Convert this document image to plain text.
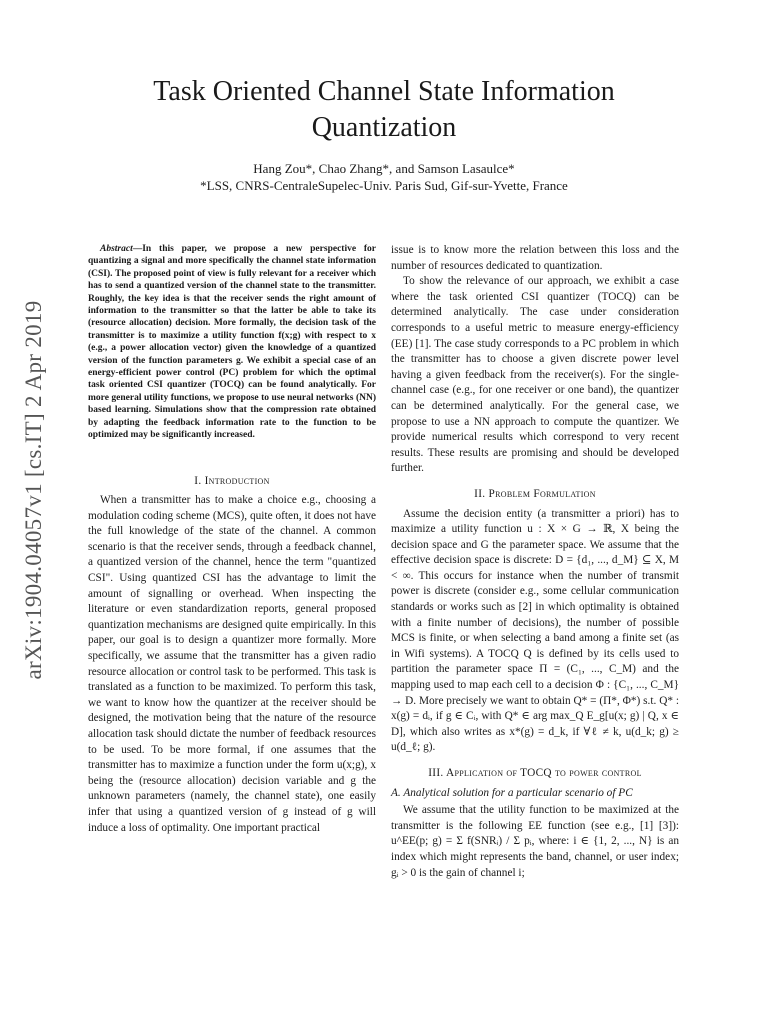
arXiv:1904.04057v1 [cs.IT] 2 Apr 2019
Task Oriented Channel State Information Quantization
Hang Zou*, Chao Zhang*, and Samson Lasaulce*
*LSS, CNRS-CentraleSupelec-Univ. Paris Sud, Gif-sur-Yvette, France

Abstract—In this paper, we propose a new perspective for quantizing a signal and more specifically the channel state information (CSI). The proposed point of view is fully relevant for a receiver which has to send a quantized version of the channel state to the transmitter. Roughly, the key idea is that the receiver sends the right amount of information to the transmitter so that the latter be able to take its (resource allocation) decision. More formally, the decision task of the transmitter is to maximize a utility function f(x;g) with respect to x (e.g., a power allocation vector) given the knowledge of a quantized version of the function parameters g. We exhibit a special case of an energy-efficient power control (PC) problem for which the optimal task oriented CSI quantizer (TOCQ) can be found analytically. For more general utility functions, we propose to use neural networks (NN) based learning. Simulations show that the compression rate obtained by adapting the feedback information rate to the function to be optimized may be significantly increased.

I. Introduction

When a transmitter has to make a choice e.g., choosing a modulation coding scheme (MCS), quite often, it does not have the full knowledge of the state of the channel. A common scenario is that the receiver sends, through a feedback channel, a quantized version of the channel, hence the term "quantized CSI". Using quantized CSI has the advantage to limit the amount of signalling or overhead. When inspecting the literature or even standardization reports, general proposed quantization mechanisms are designed quite empirically. In this paper, our goal is to design a quantizer more formally. More specifically, we assume that the transmitter has a given radio resource allocation or control task to be performed. This task is translated as a function to be maximized. To perform this task, we want to know how the quantizer at the receiver should be designed, the motivation being that the nature of the resource allocation task should dictate the number of feedback resources to be used. To be more formal, if one assumes that the transmitter has to maximize a function under the form u(x;g), x being the (resource allocation) decision variable and g the unknown parameters (namely, the channel state), one easily infer that using a quantized version of g instead of g will induce a loss of optimality. One important practical

issue is to know more the relation between this loss and the number of resources dedicated to quantization.

To show the relevance of our approach, we exhibit a case where the task oriented CSI quantizer (TOCQ) can be determined analytically. The case under consideration corresponds to a useful metric to measure energy-efficiency (EE) [1]. The case study corresponds to a PC problem in which the transmitter has to choose a given discrete power level having a given feedback from the receiver(s). For the single-channel case (e.g., for one receiver or one band), the quantizer can be determined analytically. For the general case, we propose to use a NN approach to compute the quantizer. We provide numerical results which correspond to very recent results. These results are promising and should be developed further.

II. Problem Formulation

Assume the decision entity (a transmitter a priori) has to maximize a utility function u : X × G → ℝ, X being the decision space and G the parameter space. We assume that the effective decision space is discrete: D = {d₁, ..., d_M} ⊆ X, M < ∞. This occurs for instance when the number of transmit power is discrete (consider e.g., some cellular communication standards or works such as [2] in which optimality is obtained with a finite number of decisions), the number of possible MCS is finite, or when selecting a band among a finite set (as in Wifi systems). A TOCQ Q is defined by its cells used to partition the parameter space Π = (C₁, ..., C_M) and the mapping used to map each cell to a decision Φ : {C₁, ..., C_M} → D. More precisely we want to obtain Q* = (Π*, Φ*) s.t. Q* : x(g) = dᵢ, if g ∈ Cᵢ, with Q* ∈ arg max_Q E_g[u(x; g) | Q, x ∈ D], which also writes as x*(g) = d_k, if ∀ℓ ≠ k, u(d_k; g) ≥ u(d_ℓ; g).

III. Application of TOCQ to power control
A. Analytical solution for a particular scenario of PC

We assume that the utility function to be maximized at the transmitter is the following EE function (see e.g., [1] [3]): u^EE(p; g) = Σ f(SNRᵢ) / Σ pᵢ, where: i ∈ {1, 2, ..., N} is an index which might represents the band, channel, or user index; gᵢ > 0 is the gain of channel i;
